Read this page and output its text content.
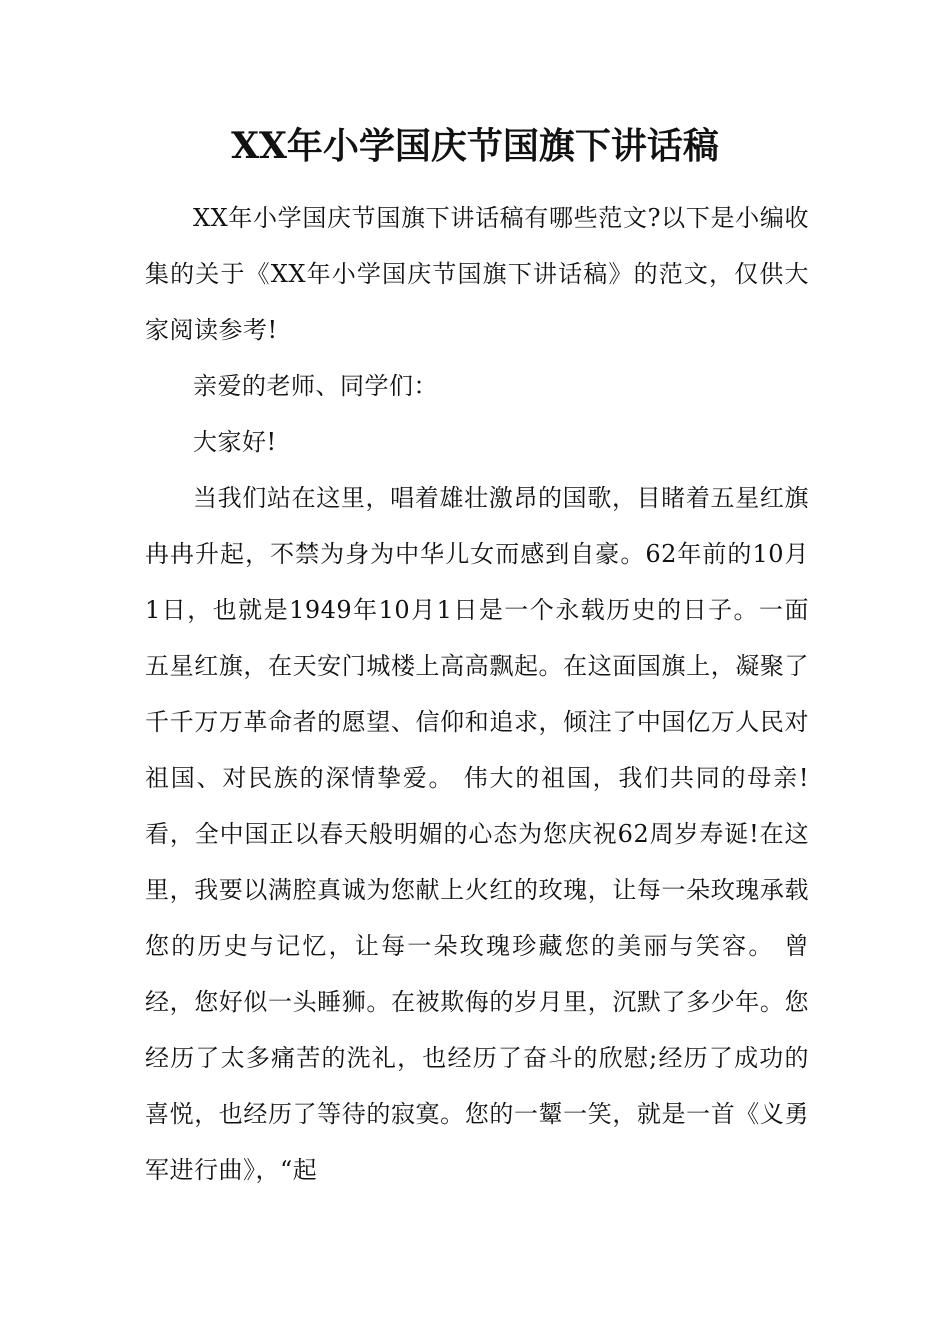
XX年小学国庆节国旗下讲话稿

XX年小学国庆节国旗下讲话稿有哪些范文?以下是小编收集的关于《XX年小学国庆节国旗下讲话稿》的范文，仅供大家阅读参考!

亲爱的老师、同学们：

大家好!

当我们站在这里，唱着雄壮激昂的国歌，目睹着五星红旗冉冉升起，不禁为身为中华儿女而感到自豪。62年前的10月1日，也就是1949年10月1日是一个永载历史的日子。一面五星红旗，在天安门城楼上高高飘起。在这面国旗上，凝聚了千千万万革命者的愿望、信仰和追求，倾注了中国亿万人民对祖国、对民族的深情挚爱。 伟大的祖国，我们共同的母亲!看，全中国正以春天般明媚的心态为您庆祝62周岁寿诞!在这里，我要以满腔真诚为您献上火红的玫瑰，让每一朵玫瑰承载您的历史与记忆，让每一朵玫瑰珍藏您的美丽与笑容。 曾经，您好似一头睡狮。在被欺侮的岁月里，沉默了多少年。您经历了太多痛苦的洗礼，也经历了奋斗的欣慰;经历了成功的喜悦，也经历了等待的寂寞。您的一颦一笑，就是一首《义勇军进行曲》，“起
